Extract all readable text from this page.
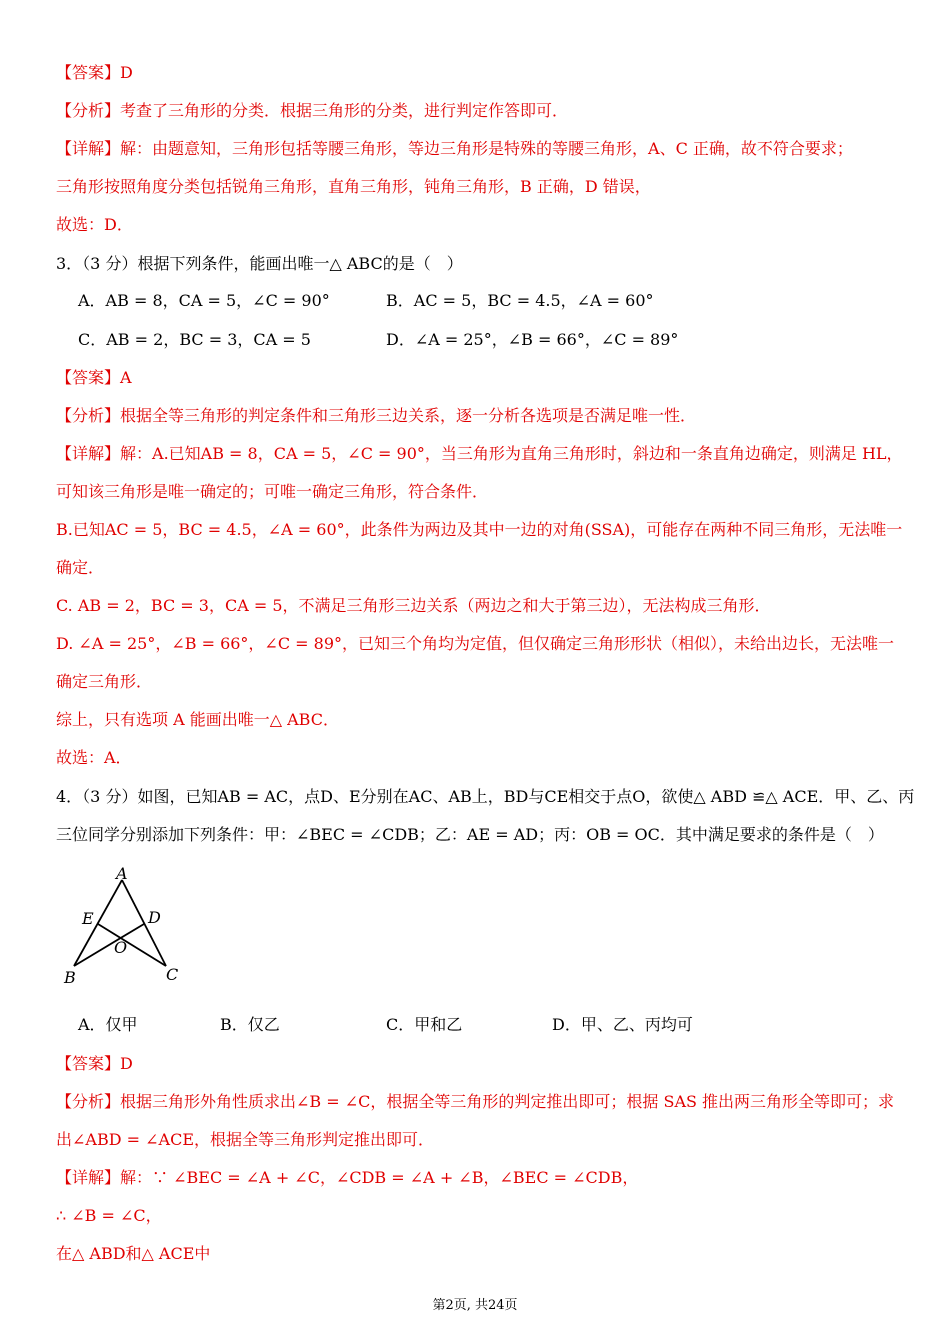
【答案】D
【分析】考查了三角形的分类．根据三角形的分类，进行判定作答即可．
【详解】解：由题意知，三角形包括等腰三角形，等边三角形是特殊的等腰三角形，A、C 正确，故不符合要求；
三角形按照角度分类包括锐角三角形，直角三角形，钝角三角形，B 正确，D 错误，
故选：D．
3．（3 分）根据下列条件，能画出唯一△ ABC的是（　）
A．AB = 8，CA = 5，∠C = 90°	B．AC = 5，BC = 4.5，∠A = 60°
C．AB = 2，BC = 3，CA = 5	D．∠A = 25°，∠B = 66°，∠C = 89°
【答案】A
【分析】根据全等三角形的判定条件和三角形三边关系，逐一分析各选项是否满足唯一性．
【详解】解：A.已知AB = 8，CA = 5，∠C = 90°，当三角形为直角三角形时，斜边和一条直角边确定，则满足 HL，
可知该三角形是唯一确定的；可唯一确定三角形，符合条件．
B.已知AC = 5，BC = 4.5，∠A = 60°，此条件为两边及其中一边的对角(SSA)，可能存在两种不同三角形，无法唯一
确定．
C. AB = 2，BC = 3，CA = 5，不满足三角形三边关系（两边之和大于第三边），无法构成三角形．
D. ∠A = 25°，∠B = 66°，∠C = 89°，已知三个角均为定值，但仅确定三角形形状（相似），未给出边长，无法唯一
确定三角形．
综上，只有选项 A 能画出唯一△ ABC．
故选：A．
4．（3 分）如图，已知AB = AC，点D、E分别在AC、AB上，BD与CE相交于点O，欲使△ ABD ≌△ ACE．甲、乙、丙
三位同学分别添加下列条件：甲：∠BEC = ∠CDB；乙：AE = AD；丙：OB = OC．其中满足要求的条件是（　）
A
E	D
O
B	C
A．仅甲	B．仅乙	C．甲和乙	D．甲、乙、丙均可
【答案】D
【分析】根据三角形外角性质求出∠B = ∠C，根据全等三角形的判定推出即可；根据 SAS 推出两三角形全等即可；求
出∠ABD = ∠ACE，根据全等三角形判定推出即可．
【详解】解：∵ ∠BEC = ∠A + ∠C，∠CDB = ∠A + ∠B，∠BEC = ∠CDB，
∴ ∠B = ∠C，
在△ ABD和△ ACE中
第2页, 共24页
